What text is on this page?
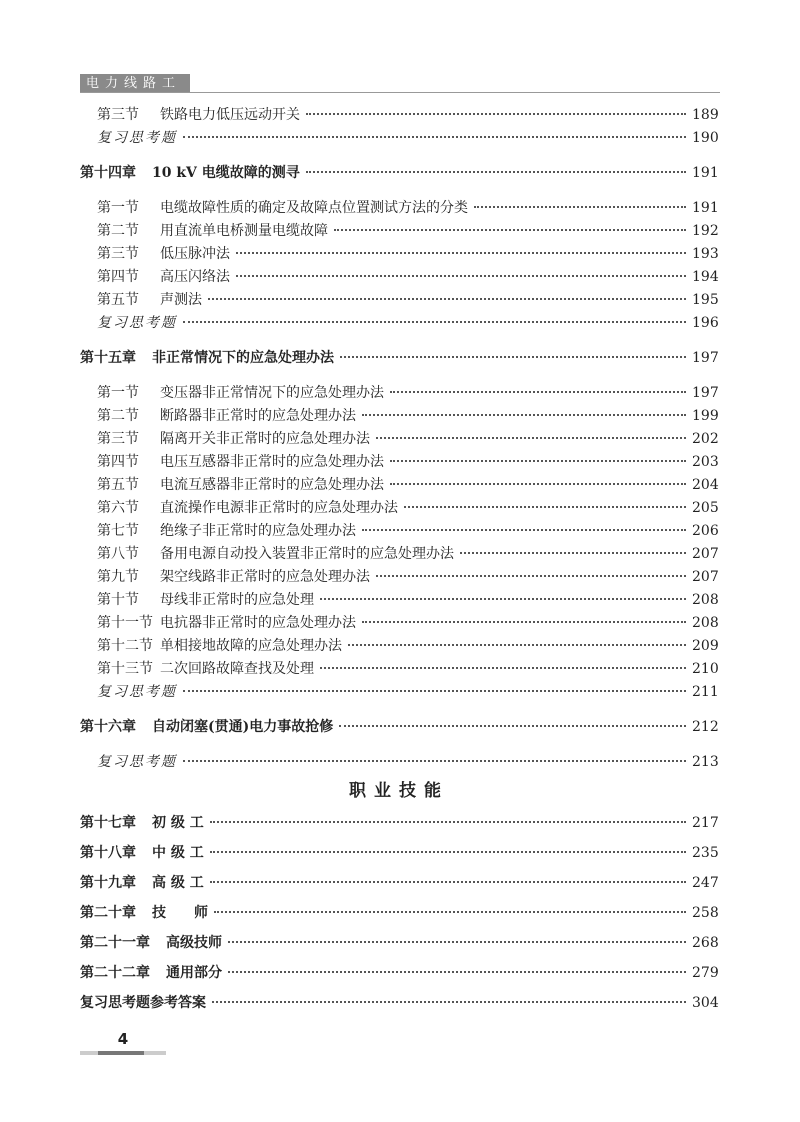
电力线路工
第三节	铁路电力低压远动开关	189
复习思考题	190
第十四章 10 kV 电缆故障的测寻	191
第一节	电缆故障性质的确定及故障点位置测试方法的分类	191
第二节	用直流单电桥测量电缆故障	192
第三节	低压脉冲法	193
第四节	高压闪络法	194
第五节	声测法	195
复习思考题	196
第十五章 非正常情况下的应急处理办法	197
第一节	变压器非正常情况下的应急处理办法	197
第二节	断路器非正常时的应急处理办法	199
第三节	隔离开关非正常时的应急处理办法	202
第四节	电压互感器非正常时的应急处理办法	203
第五节	电流互感器非正常时的应急处理办法	204
第六节	直流操作电源非正常时的应急处理办法	205
第七节	绝缘子非正常时的应急处理办法	206
第八节	备用电源自动投入装置非正常时的应急处理办法	207
第九节	架空线路非正常时的应急处理办法	207
第十节	母线非正常时的应急处理	208
第十一节 电抗器非正常时的应急处理办法	208
第十二节 单相接地故障的应急处理办法	209
第十三节 二次回路故障查找及处理	210
复习思考题	211
第十六章 自动闭塞(贯通)电力事故抢修	212
复习思考题	213
职业技能
第十七章 初 级 工	217
第十八章 中 级 工	235
第十九章 高 级 工	247
第二十章 技　　师	258
第二十一章 高级技师	268
第二十二章 通用部分	279
复习思考题参考答案	304
4
